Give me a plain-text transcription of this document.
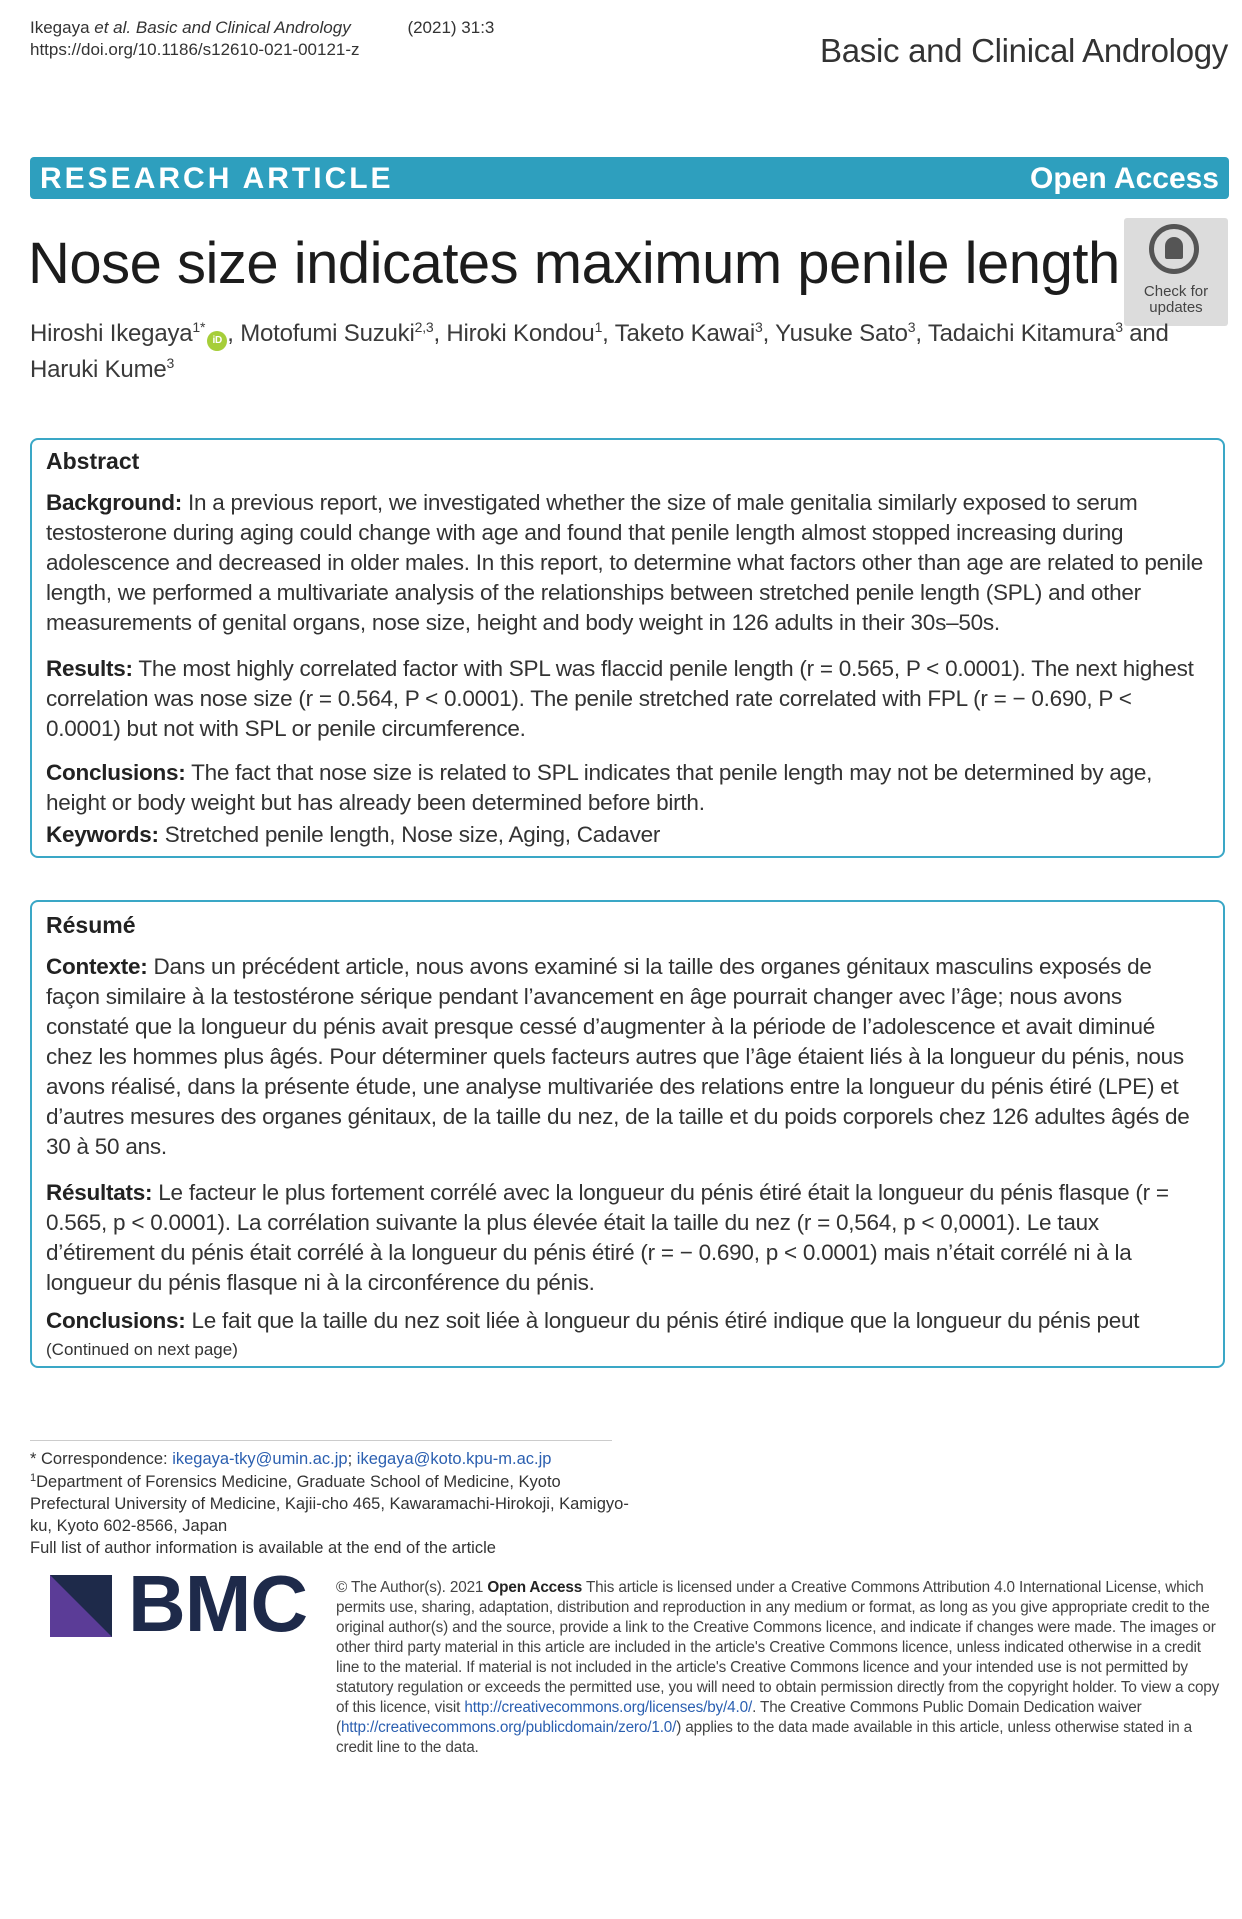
Ikegaya et al. Basic and Clinical Andrology	(2021) 31:3
https://doi.org/10.1186/s12610-021-00121-z	Basic and Clinical Andrology
RESEARCH ARTICLE	Open Access
Nose size indicates maximum penile length	Check for
updates
Hiroshi Ikegaya$^{1*}$iD , Motofumi Suzuki$^{2,3}$, Hiroki Kondou$^1$, Taketo Kawai$^3$, Yusuke Sato$^3$, Tadaichi Kitamura$^3$ and
Haruki Kume$^3$
Abstract
Background: In a previous report, we investigated whether the size of male genitalia similarly exposed to serum testosterone during aging could change with age and found that penile length almost stopped increasing during adolescence and decreased in older males. In this report, to determine what factors other than age are related to penile length, we performed a multivariate analysis of the relationships between stretched penile length (SPL) and other measurements of genital organs, nose size, height and body weight in 126 adults in their 30s–50s.
Results: The most highly correlated factor with SPL was flaccid penile length (r = 0.565, P < 0.0001). The next highest correlation was nose size (r = 0.564, P < 0.0001). The penile stretched rate correlated with FPL (r = − 0.690, P < 0.0001) but not with SPL or penile circumference.
Conclusions: The fact that nose size is related to SPL indicates that penile length may not be determined by age, height or body weight but has already been determined before birth.
Keywords: Stretched penile length, Nose size, Aging, Cadaver
Résumé
Contexte: Dans un précédent article, nous avons examiné si la taille des organes génitaux masculins exposés de façon similaire à la testostérone sérique pendant l’avancement en âge pourrait changer avec l’âge; nous avons constaté que la longueur du pénis avait presque cessé d’augmenter à la période de l’adolescence et avait diminué chez les hommes plus âgés. Pour déterminer quels facteurs autres que l’âge étaient liés à la longueur du pénis, nous avons réalisé, dans la présente étude, une analyse multivariée des relations entre la longueur du pénis étiré (LPE) et d’autres mesures des organes génitaux, de la taille du nez, de la taille et du poids corporels chez 126 adultes âgés de 30 à 50 ans.
Résultats: Le facteur le plus fortement corrélé avec la longueur du pénis étiré était la longueur du pénis flasque (r = 0.565, p < 0.0001). La corrélation suivante la plus élevée était la taille du nez (r = 0,564, p < 0,0001). Le taux d’étirement du pénis était corrélé à la longueur du pénis étiré (r = − 0.690, p < 0.0001) mais n’était corrélé ni à la longueur du pénis flasque ni à la circonférence du pénis.
Conclusions: Le fait que la taille du nez soit liée à longueur du pénis étiré indique que la longueur du pénis peut
(Continued on next page)
* Correspondence: ikegaya-tky@umin.ac.jp; ikegaya@koto.kpu-m.ac.jp
$^1$Department of Forensics Medicine, Graduate School of Medicine, Kyoto Prefectural University of Medicine, Kajii-cho 465, Kawaramachi-Hirokoji, Kamigyo-ku, Kyoto 602-8566, Japan
Full list of author information is available at the end of the article
BMC © The Author(s). 2021 Open Access This article is licensed under a Creative Commons Attribution 4.0 International License, which permits use, sharing, adaptation, distribution and reproduction in any medium or format, as long as you give appropriate credit to the original author(s) and the source, provide a link to the Creative Commons licence, and indicate if changes were made. The images or other third party material in this article are included in the article's Creative Commons licence, unless indicated otherwise in a credit line to the material. If material is not included in the article's Creative Commons licence and your intended use is not permitted by statutory regulation or exceeds the permitted use, you will need to obtain permission directly from the copyright holder. To view a copy of this licence, visit http://creativecommons.org/licenses/by/4.0/. The Creative Commons Public Domain Dedication waiver (http://creativecommons.org/publicdomain/zero/1.0/) applies to the data made available in this article, unless otherwise stated in a credit line to the data.
